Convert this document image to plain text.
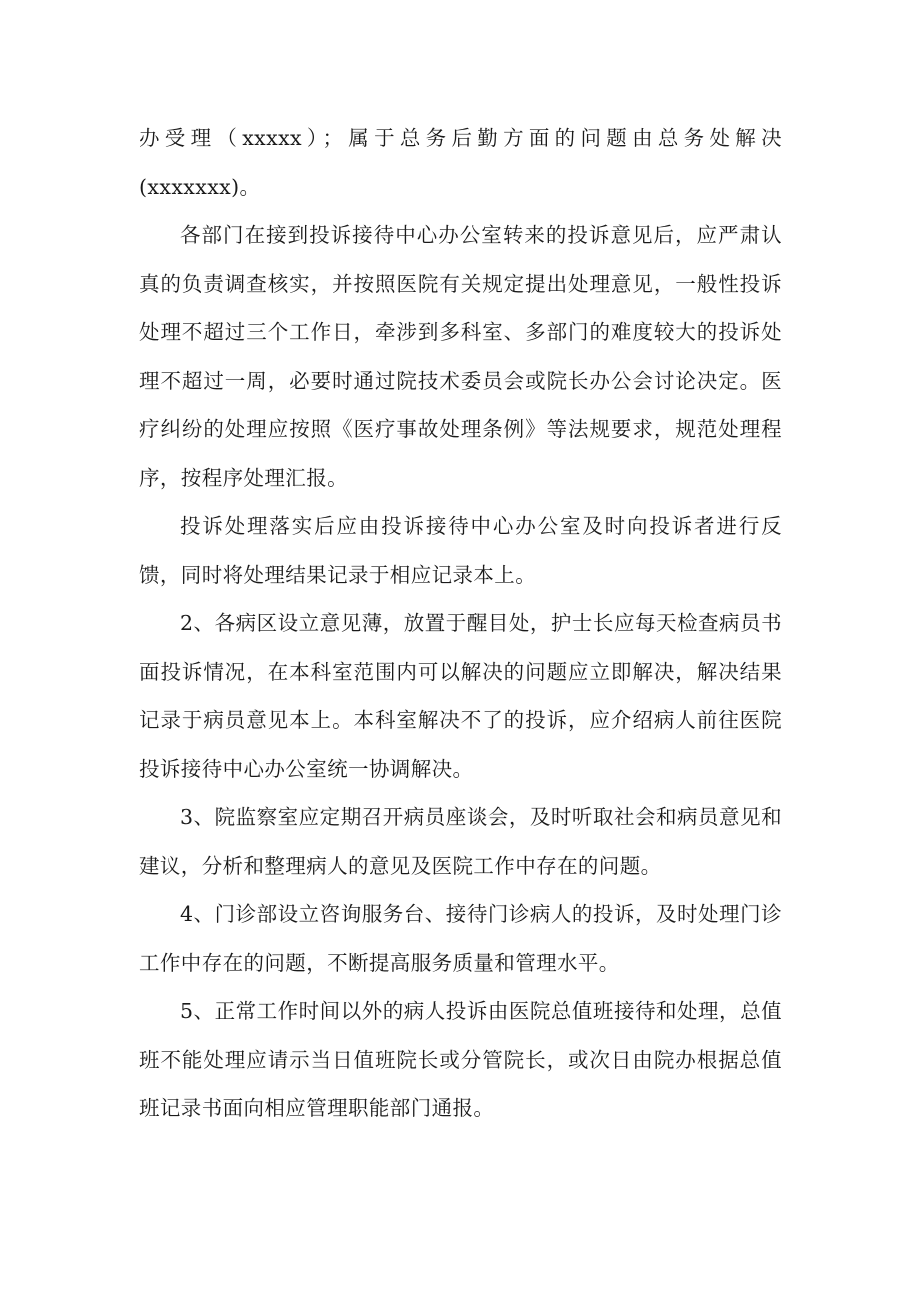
办受理（xxxxx）；属于总务后勤方面的问题由总务处解决(xxxxxxx)。

各部门在接到投诉接待中心办公室转来的投诉意见后，应严肃认真的负责调查核实，并按照医院有关规定提出处理意见，一般性投诉处理不超过三个工作日，牵涉到多科室、多部门的难度较大的投诉处理不超过一周，必要时通过院技术委员会或院长办公会讨论决定。医疗纠纷的处理应按照《医疗事故处理条例》等法规要求，规范处理程序，按程序处理汇报。

投诉处理落实后应由投诉接待中心办公室及时向投诉者进行反馈，同时将处理结果记录于相应记录本上。

2、各病区设立意见薄，放置于醒目处，护士长应每天检查病员书面投诉情况，在本科室范围内可以解决的问题应立即解决，解决结果记录于病员意见本上。本科室解决不了的投诉，应介绍病人前往医院投诉接待中心办公室统一协调解决。

3、院监察室应定期召开病员座谈会，及时听取社会和病员意见和建议，分析和整理病人的意见及医院工作中存在的问题。

4、门诊部设立咨询服务台、接待门诊病人的投诉，及时处理门诊工作中存在的问题，不断提高服务质量和管理水平。

5、正常工作时间以外的病人投诉由医院总值班接待和处理，总值班不能处理应请示当日值班院长或分管院长，或次日由院办根据总值班记录书面向相应管理职能部门通报。
